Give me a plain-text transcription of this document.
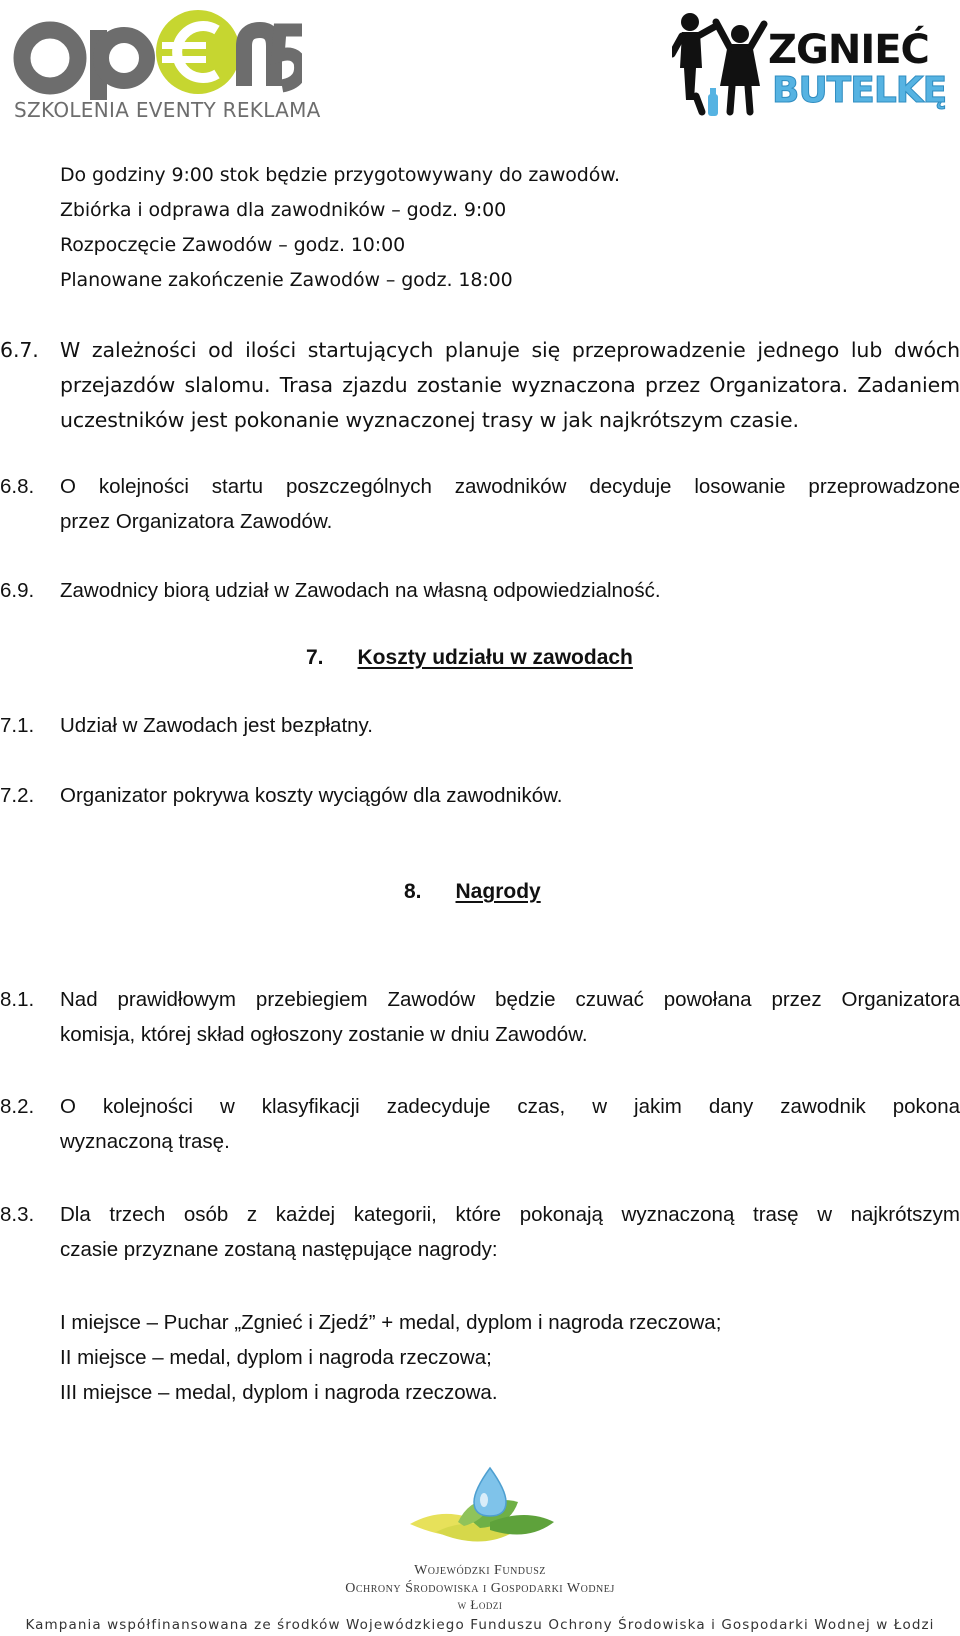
SZKOLENIA EVENTY REKLAMA
ZGNIEĆ
BUTELKĘ
Do godziny 9:00 stok będzie przygotowywany do zawodów.
Zbiórka i odprawa dla zawodników – godz. 9:00
Rozpoczęcie Zawodów – godz. 10:00
Planowane zakończenie Zawodów – godz. 18:00
6.7. W zależności od ilości startujących planuje się przeprowadzenie jednego lub dwóch
przejazdów slalomu. Trasa zjazdu zostanie wyznaczona przez Organizatora. Zadaniem
uczestników jest pokonanie wyznaczonej trasy w jak najkrótszym czasie.
6.8. O kolejności startu poszczególnych zawodników decyduje losowanie przeprowadzone
przez Organizatora Zawodów.
6.9. Zawodnicy biorą udział w Zawodach na własną odpowiedzialność.
7. Koszty udziału w zawodach
7.1. Udział w Zawodach jest bezpłatny.
7.2. Organizator pokrywa koszty wyciągów dla zawodników.
8. Nagrody
8.1. Nad prawidłowym przebiegiem Zawodów będzie czuwać powołana przez Organizatora
komisja, której skład ogłoszony zostanie w dniu Zawodów.
8.2. O kolejności w klasyfikacji zadecyduje czas, w jakim dany zawodnik pokona
wyznaczoną trasę.
8.3. Dla trzech osób z każdej kategorii, które pokonają wyznaczoną trasę w najkrótszym
czasie przyznane zostaną następujące nagrody:
I miejsce – Puchar „Zgnieć i Zjedź” + medal, dyplom i nagroda rzeczowa;
II miejsce – medal, dyplom i nagroda rzeczowa;
III miejsce – medal, dyplom i nagroda rzeczowa.
Wojewódzki Fundusz
Ochrony Środowiska i Gospodarki Wodnej
w Łodzi
Kampania współfinansowana ze środków Wojewódzkiego Funduszu Ochrony Środowiska i Gospodarki Wodnej w Łodzi
